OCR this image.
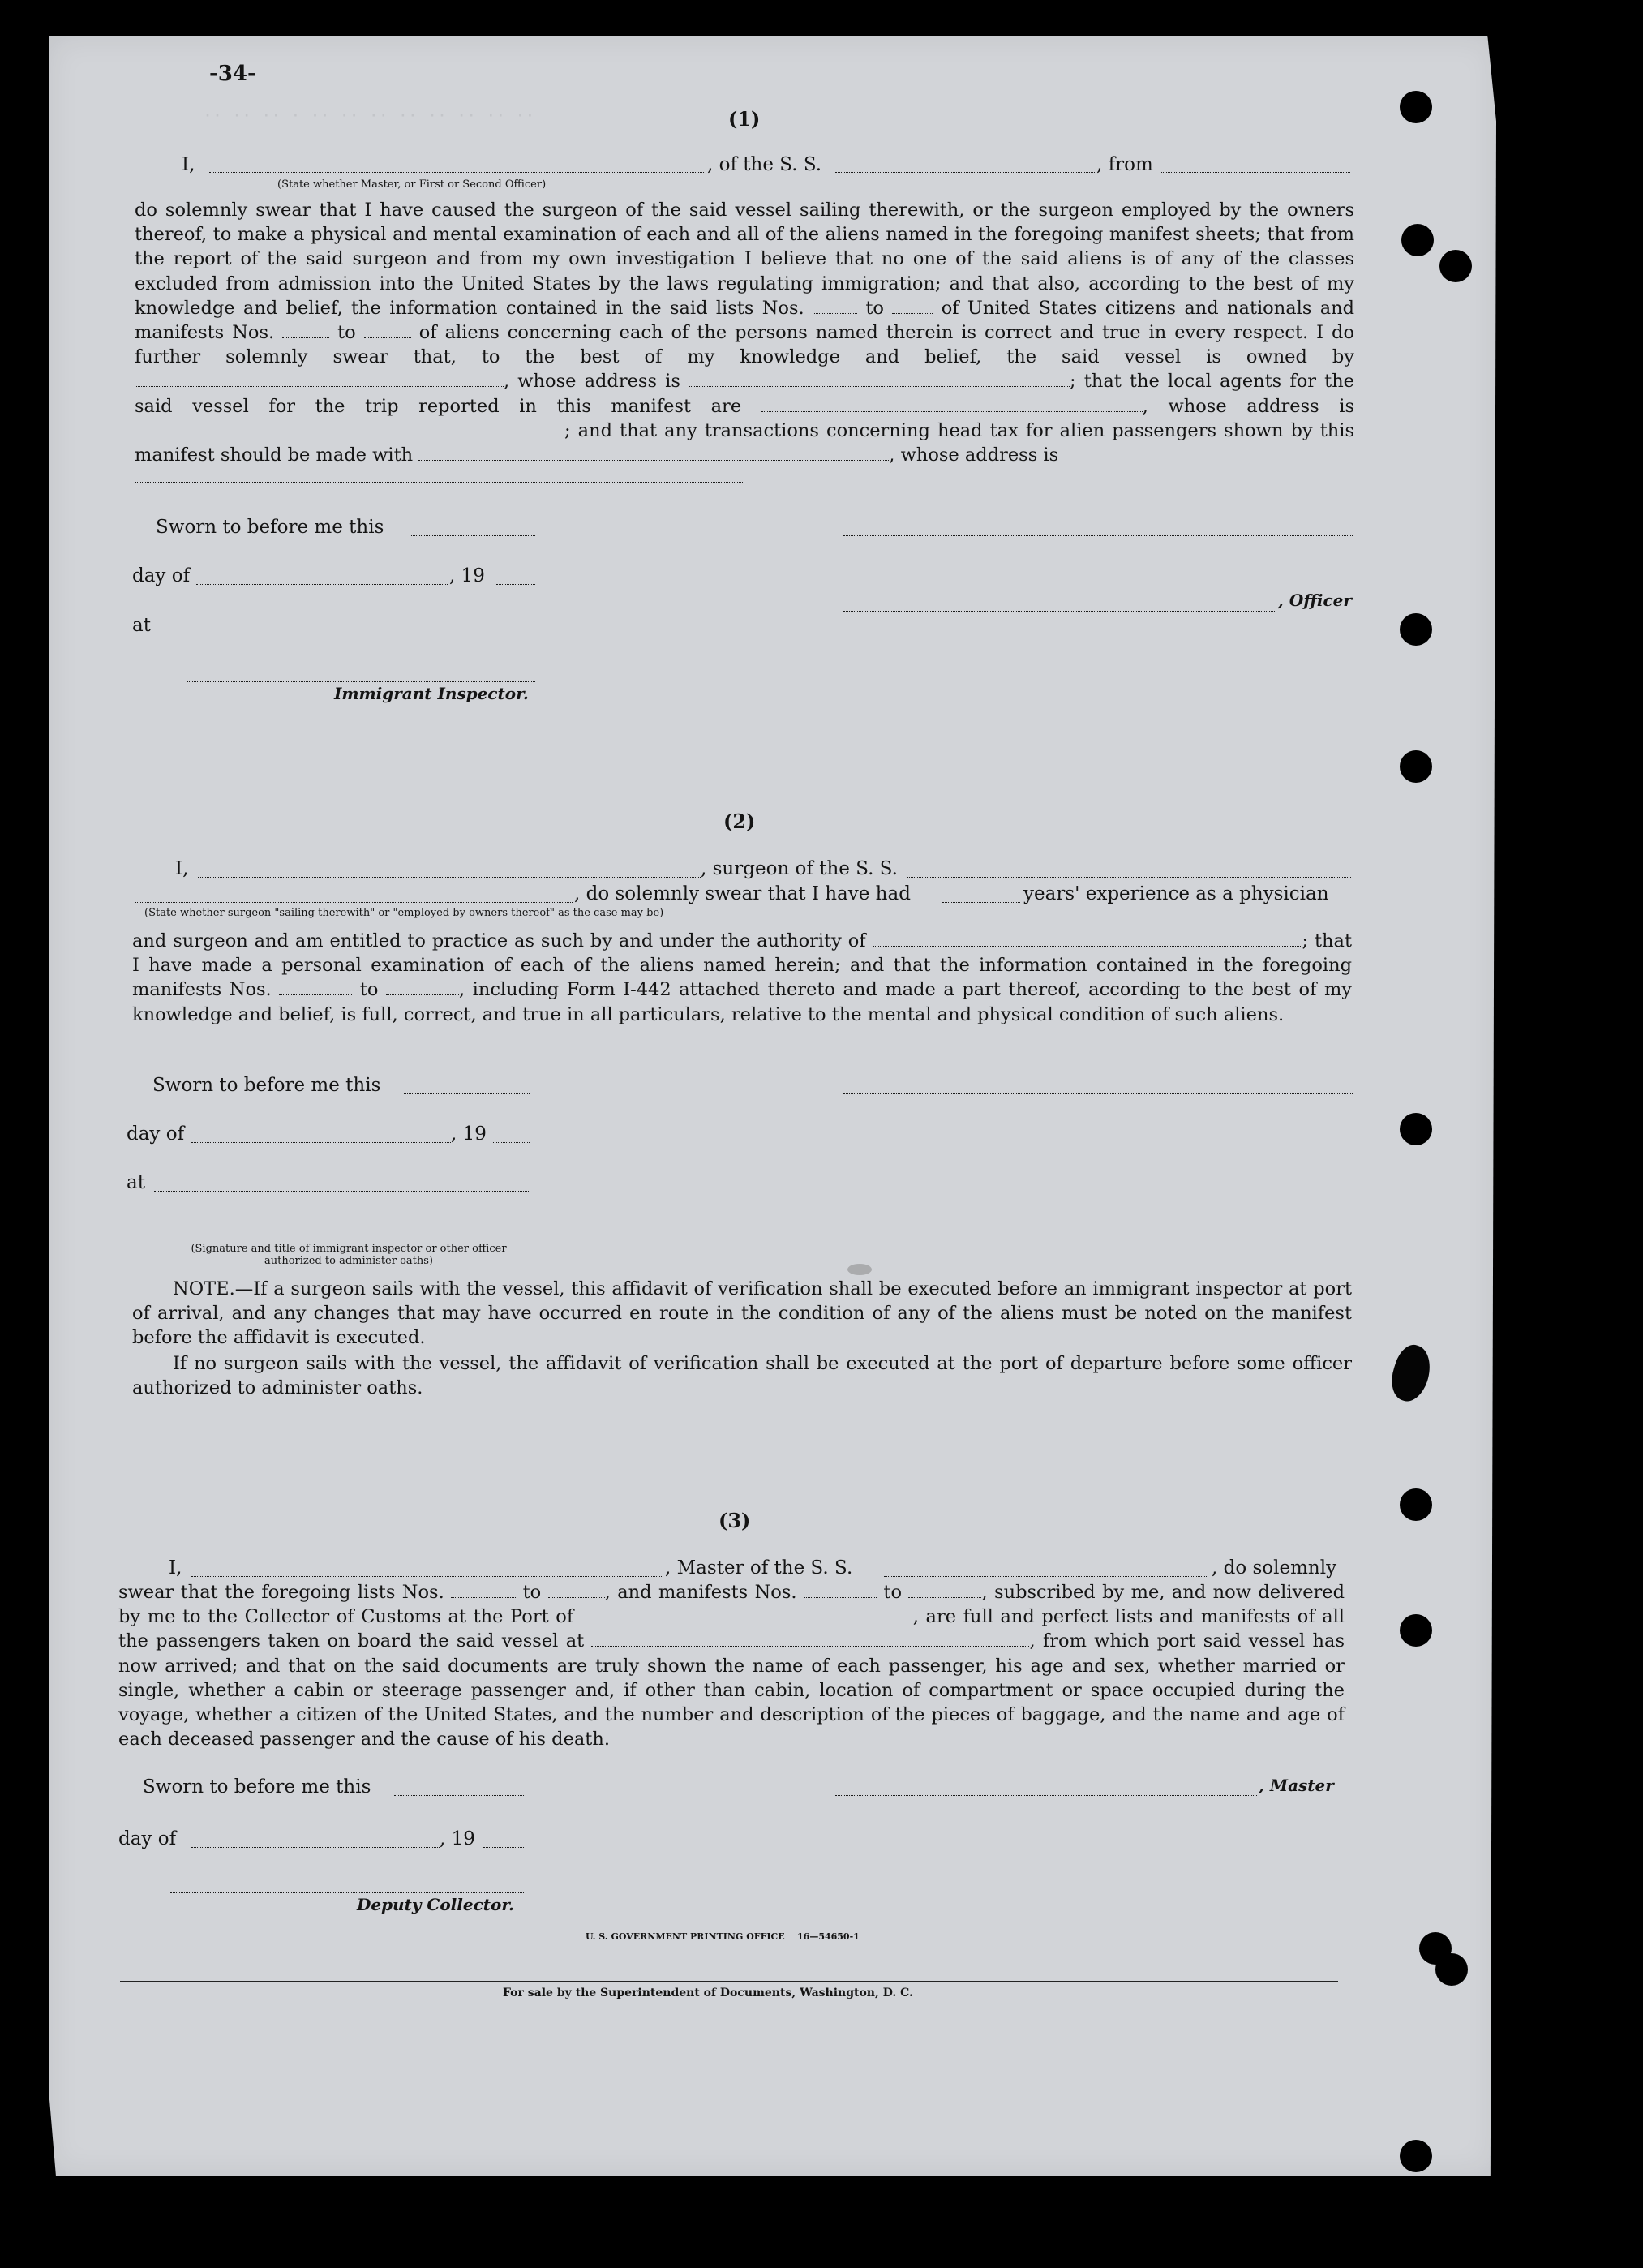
·· ·· ·· · ·· ·· ·· ·· ·· ·· ·· ··
-34-
(1)
I,	, of the S. S.	, from
(State whether Master, or First or Second Officer)
do solemnly swear that I have caused the surgeon of the said vessel sailing therewith, or the surgeon employed by the owners thereof, to make a physical and mental examination of each and all of the aliens named in the foregoing manifest sheets; that from the report of the said surgeon and from my own investigation I believe that no one of the said aliens is of any of the classes excluded from admission into the United States by the laws regulating immigration; and that also, according to the best of my knowledge and belief, the information contained in the said lists Nos.	to	of United States citizens and nationals and manifests Nos.	to	of aliens concerning each of the persons named therein is correct and true in every respect. I do further solemnly swear that, to the best of my knowledge and belief, the said vessel is owned by , whose address is	; that the local agents for the said vessel for the trip reported in this manifest are	, whose address is ; and that any transactions concerning head tax for alien passengers shown by this manifest should be made with	, whose address is
Sworn to before me this
day of	, 19
, Officer
at
Immigrant Inspector.
(2)
I,	, surgeon of the S. S.
, do solemnly swear that I have had	years' experience as a physician
(State whether surgeon "sailing therewith" or "employed by owners thereof" as the case may be)
and surgeon and am entitled to practice as such by and under the authority of	; that I have made a personal examination of each of the aliens named herein; and that the information contained in the foregoing manifests Nos.	to	, including Form I-442 attached thereto and made a part thereof, according to the best of my knowledge and belief, is full, correct, and true in all particulars, relative to the mental and physical condition of such aliens.
Sworn to before me this
day of	, 19
at
(Signature and title of immigrant inspector or other officer authorized to administer oaths)
NOTE.—If a surgeon sails with the vessel, this affidavit of verification shall be executed before an immigrant inspector at port of arrival, and any changes that may have occurred en route in the condition of any of the aliens must be noted on the manifest before the affidavit is executed.
If no surgeon sails with the vessel, the affidavit of verification shall be executed at the port of departure before some officer authorized to administer oaths.
(3)
I,	, Master of the S. S.	, do solemnly
swear that the foregoing lists Nos.	to	, and manifests Nos.	to	, subscribed by me, and now delivered by me to the Collector of Customs at the Port of	, are full and perfect lists and manifests of all the passengers taken on board the said vessel at	, from which port said vessel has now arrived; and that on the said documents are truly shown the name of each passenger, his age and sex, whether married or single, whether a cabin or steerage passenger and, if other than cabin, location of compartment or space occupied during the voyage, whether a citizen of the United States, and the number and description of the pieces of baggage, and the name and age of each deceased passenger and the cause of his death.
Sworn to before me this	, Master
day of	, 19
Deputy Collector.
U. S. GOVERNMENT PRINTING OFFICE    16—54650-1
For sale by the Superintendent of Documents, Washington, D. C.
